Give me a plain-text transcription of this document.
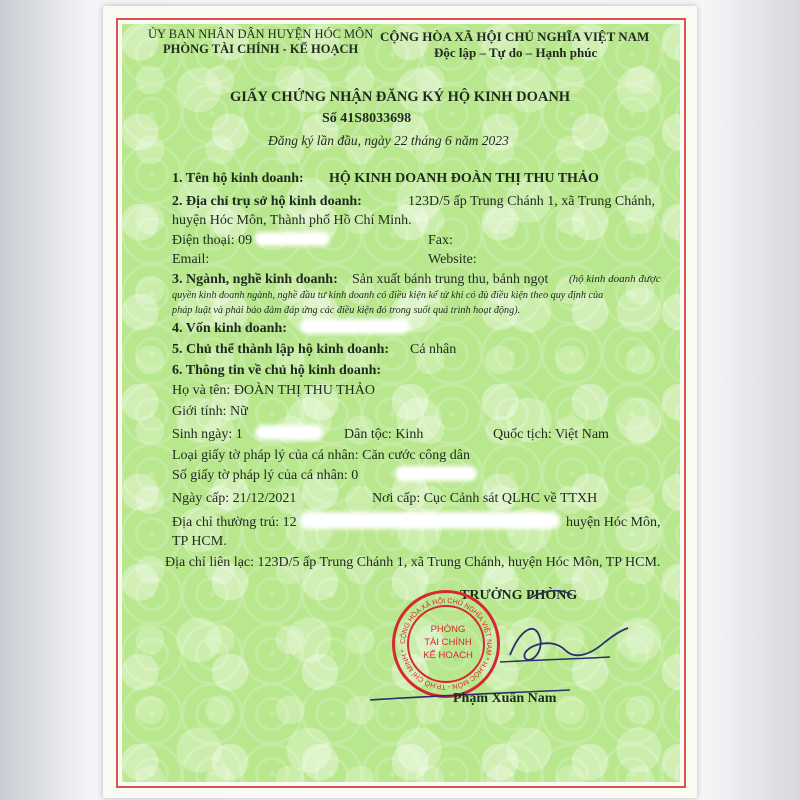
ỦY BAN NHÂN DÂN HUYỆN HÓC MÔN
PHÒNG TÀI CHÍNH - KẾ HOẠCH
CỘNG HÒA XÃ HỘI CHỦ NGHĨA VIỆT NAM
Độc lập – Tự do – Hạnh phúc
GIẤY CHỨNG NHẬN ĐĂNG KÝ HỘ KINH DOANH
Số 41S8033698
Đăng ký lần đầu, ngày 22 tháng 6 năm 2023
1. Tên hộ kinh doanh: HỘ KINH DOANH ĐOÀN THỊ THU THẢO
2. Địa chỉ trụ sở hộ kinh doanh:	123D/5 ấp Trung Chánh 1, xã Trung Chánh,
huyện Hóc Môn, Thành phố Hồ Chí Minh.
Điện thoại: 09	Fax:
Email:	Website:
3. Ngành, nghề kinh doanh: Sản xuất bánh trung thu, bánh ngọt (hộ kinh doanh được
quyền kinh doanh ngành, nghề đầu tư kinh doanh có điều kiện kể từ khi có đủ điều kiện theo quy định của
pháp luật và phải bảo đảm đáp ứng các điều kiện đó trong suốt quá trình hoạt động).
4. Vốn kinh doanh:
5. Chủ thể thành lập hộ kinh doanh: Cá nhân
6. Thông tin về chủ hộ kinh doanh:
Họ và tên: ĐOÀN THỊ THU THẢO
Giới tính: Nữ
Sinh ngày: 1	Dân tộc: Kinh	Quốc tịch: Việt Nam
Loại giấy tờ pháp lý của cá nhân: Căn cước công dân
Số giấy tờ pháp lý của cá nhân: 0
Ngày cấp: 21/12/2021	Nơi cấp: Cục Cảnh sát QLHC về TTXH
Địa chỉ thường trú: 12	huyện Hóc Môn,
TP HCM.
Địa chỉ liên lạc: 123D/5 ấp Trung Chánh 1, xã Trung Chánh, huyện Hóc Môn, TP HCM.
TRƯỞNG PHÒNG
CỘNG HÒA XÃ HỘI CHỦ NGHĨA VIỆT NAM * H.HÓC MÔN - TP.HỒ CHÍ MINH *
PHÒNG
TÀI CHÍNH
KẾ HOẠCH
Phạm Xuân Nam
